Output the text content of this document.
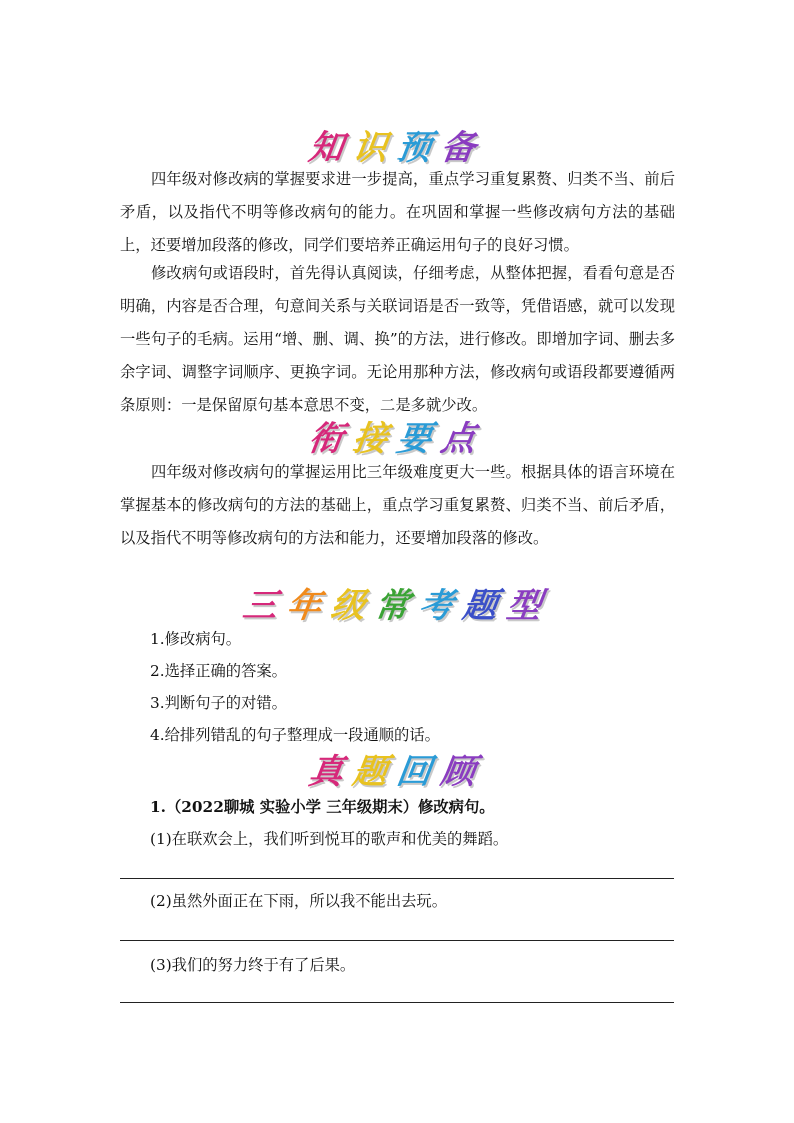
知识预备

四年级对修改病的掌握要求进一步提高，重点学习重复累赘、归类不当、前后矛盾，以及指代不明等修改病句的能力。在巩固和掌握一些修改病句方法的基础上，还要增加段落的修改，同学们要培养正确运用句子的良好习惯。

修改病句或语段时，首先得认真阅读，仔细考虑，从整体把握，看看句意是否明确，内容是否合理，句意间关系与关联词语是否一致等，凭借语感，就可以发现一些句子的毛病。运用“增、删、调、换”的方法，进行修改。即增加字词、删去多余字词、调整字词顺序、更换字词。无论用那种方法，修改病句或语段都要遵循两条原则：一是保留原句基本意思不变，二是多就少改。

衔接要点

四年级对修改病句的掌握运用比三年级难度更大一些。根据具体的语言环境在掌握基本的修改病句的方法的基础上，重点学习重复累赘、归类不当、前后矛盾，以及指代不明等修改病句的方法和能力，还要增加段落的修改。

三年级常考题型
1.修改病句。
2.选择正确的答案。
3.判断句子的对错。
4.给排列错乱的句子整理成一段通顺的话。
真题回顾
1.（2022聊城 实验小学 三年级期末）修改病句。
(1)在联欢会上，我们听到悦耳的歌声和优美的舞蹈。
(2)虽然外面正在下雨，所以我不能出去玩。
(3)我们的努力终于有了后果。
